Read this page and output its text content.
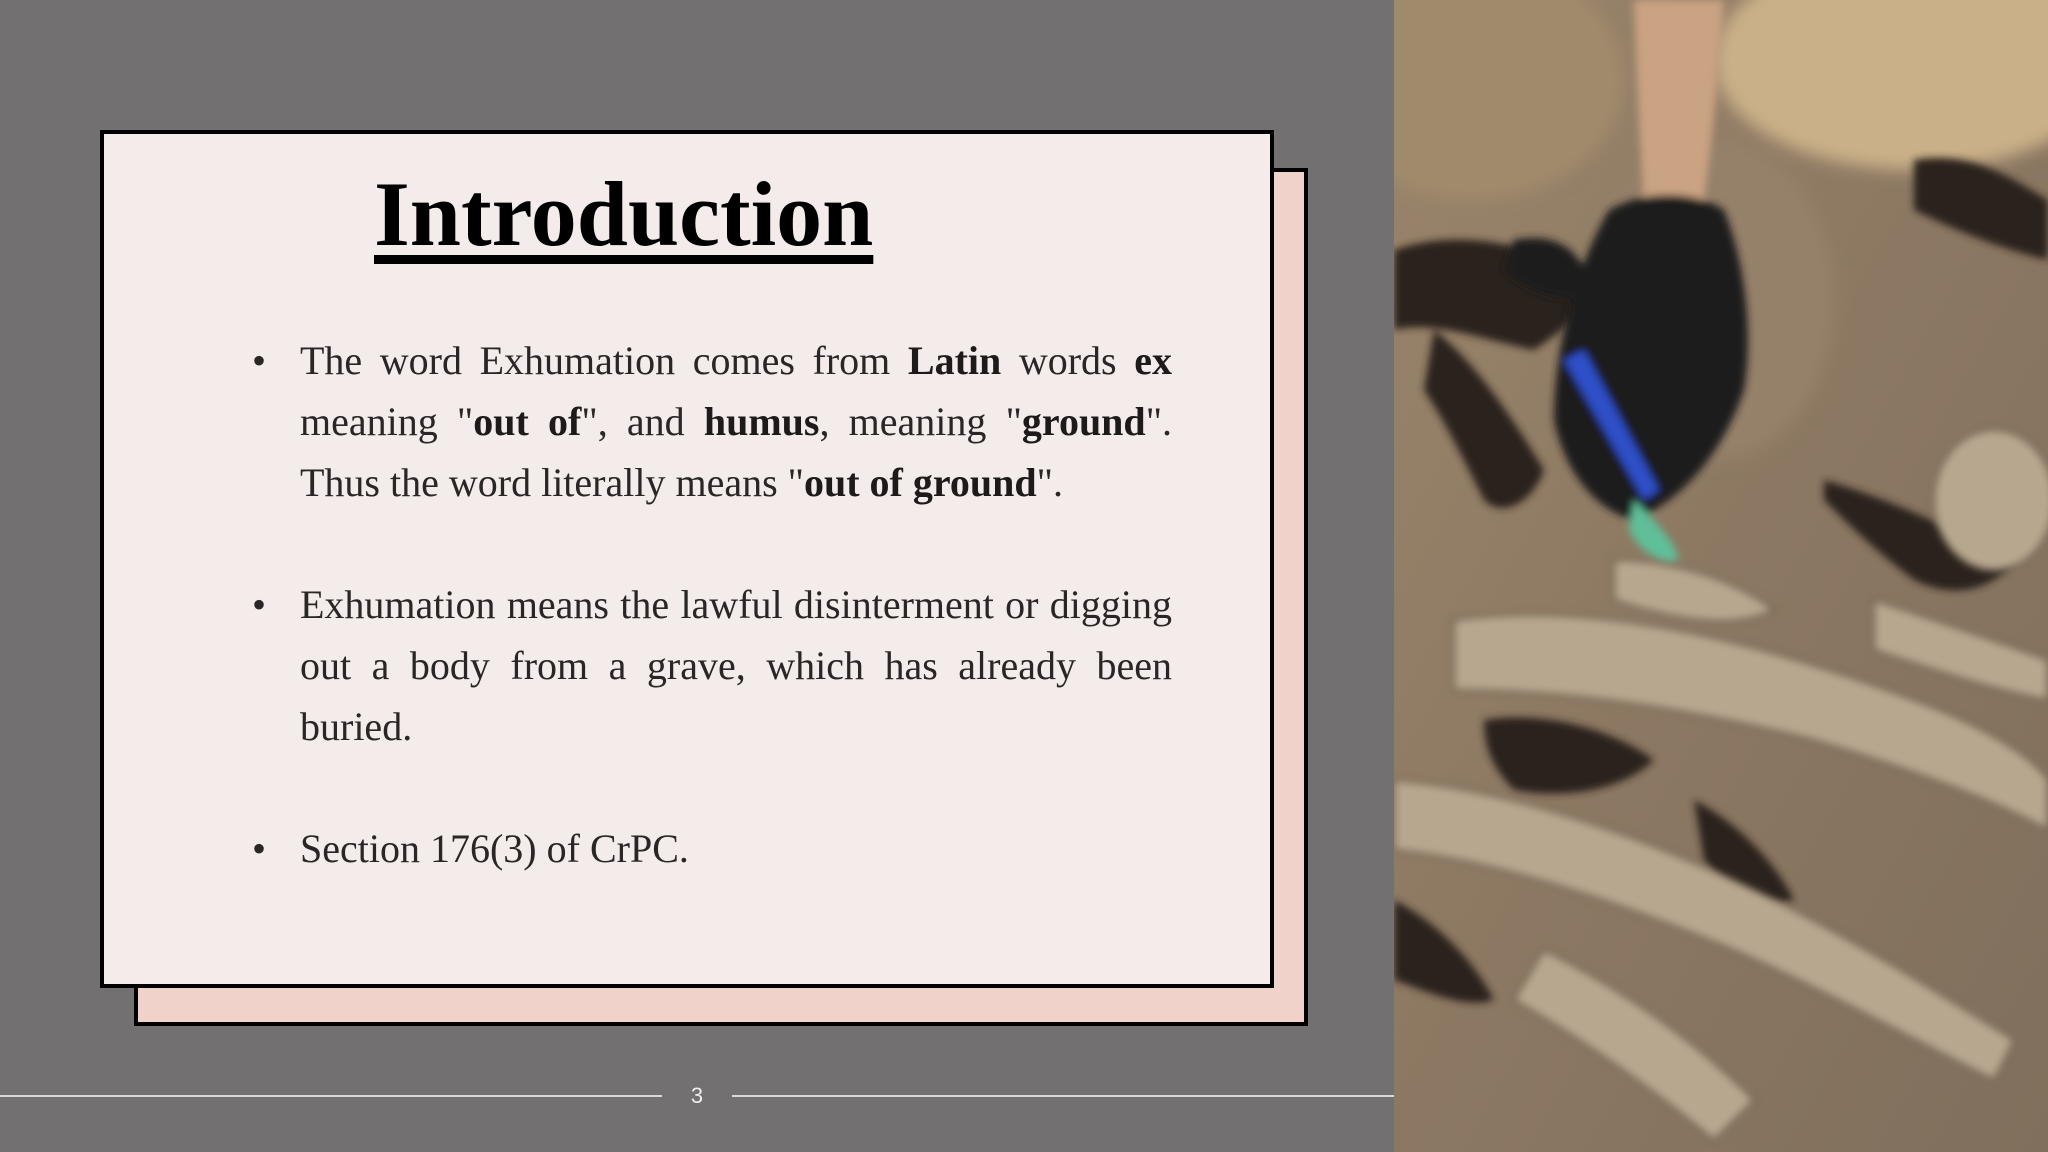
Introduction
• The word Exhumation comes from Latin words ex meaning "out of", and humus, meaning "ground". Thus the word literally means "out of ground".
• Exhumation means the lawful disinterment or digging out a body from a grave, which has already been buried.
• Section 176(3) of CrPC.
3
